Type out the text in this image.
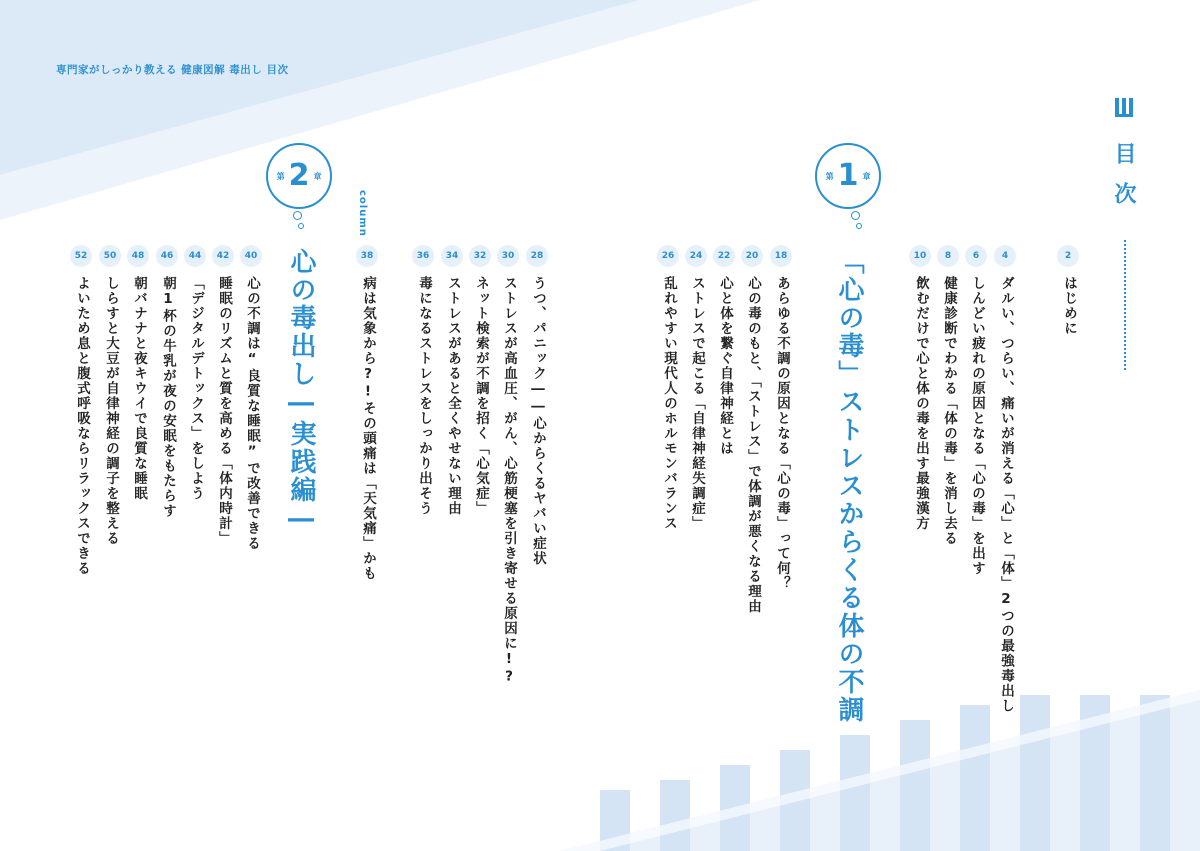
専門家がしっかり教える 健康図解 毒出し 目次
目次
2
はじめに
4
ダルい、つらい、痛いが消える「心」と「体」2つの最強毒出し
6
しんどい疲れの原因となる「心の毒」を出す
8
健康診断でわかる「体の毒」を消し去る
10
飲むだけで心と体の毒を出す最強漢方
第 1 章
「心の毒」ストレスからくる体の不調
18
あらゆる不調の原因となる「心の毒」って何？
20
心の毒のもと、「ストレス」で体調が悪くなる理由
22
心と体を繋ぐ自律神経とは
24
ストレスで起こる「自律神経失調症」
26
乱れやすい現代人のホルモンバランス
column
28
うつ、パニック――心からくるヤバい症状
30
ストレスが高血圧、がん、心筋梗塞を引き寄せる原因に!?
32
ネット検索が不調を招く「心気症」
34
ストレスがあると全くやせない理由
36
毒になるストレスをしっかり出そう
38
病は気象から?!その頭痛は「天気痛」かも
第 2 章
心の毒出し―実践編―
40
心の不調は“良質な睡眠”で改善できる
42
睡眠のリズムと質を高める「体内時計」
44
「デジタルデトックス」をしよう
46
朝1杯の牛乳が夜の安眠をもたらす
48
朝バナナと夜キウイで良質な睡眠
50
しらすと大豆が自律神経の調子を整える
52
よいため息と腹式呼吸ならリラックスできる
